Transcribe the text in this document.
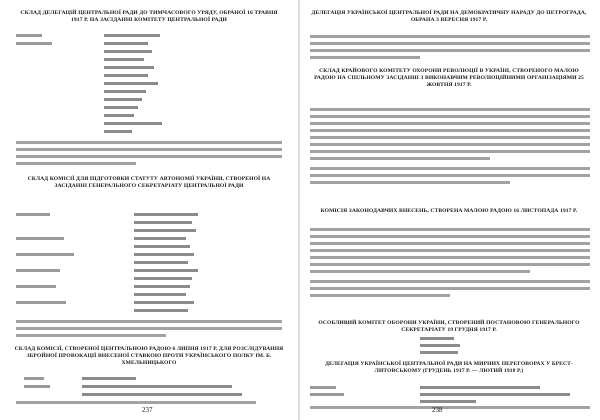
СКЛАД ДЕЛЕГАЦІЙ ЦЕНТРАЛЬНОЇ РАДИ ДО ТИМЧАСОВОГО УРЯДУ, ОБРАНОЇ 16 ТРАВНЯ 1917 Р. НА ЗАСІДАННІ КОМІТЕТУ ЦЕНТРАЛЬНОЇ РАДИ
СКЛАД КОМІСІЇ ДЛЯ ПІДГОТОВКИ СТАТУТУ АВТОНОМІЇ УКРАЇНИ, СТВОРЕНОЇ НА ЗАСІДАННІ ГЕНЕРАЛЬНОГО СЕКРЕТАРІАТУ ЦЕНТРАЛЬНОЇ РАДИ
СКЛАД КОМІСІЇ, СТВОРЕНОЇ ЦЕНТРАЛЬНОЮ РАДОЮ 6 ЛИПНЯ 1917 Р. ДЛЯ РОЗСЛІДУВАННЯ ЗБРОЙНОЇ ПРОВОКАЦІЇ ВНЕСЕНОЇ СТАВКОЮ ПРОТИ УКРАЇНСЬКОГО ПОЛКУ ІМ. Б. ХМЕЛЬНИЦЬКОГО
237
ДЕЛЕГАЦІЯ УКРАЇНСЬКОЇ ЦЕНТРАЛЬНОЇ РАДИ НА ДЕМОКРАТИЧНУ НАРАДУ ДО ПЕТРОГРАДА, ОБРАНА 3 ВЕРЕСНЯ 1917 Р.
СКЛАД КРАЙОВОГО КОМІТЕТУ ОХОРОНИ РЕВОЛЮЦІЇ В УКРАЇНІ, СТВОРЕНОГО МАЛОЮ РАДОЮ НА СПІЛЬНОМУ ЗАСІДАННІ З ВИКОНАВЧИМ РЕВОЛЮЦІЙНИМИ ОРГАНІЗАЦІЯМИ 25 ЖОВТНЯ 1917 Р.
КОМІСІЯ ЗАКОНОДАВЧИХ ВНЕСЕНЬ, СТВОРЕНА МАЛОЮ РАДОЮ 16 ЛИСТОПАДА 1917 Р.
ОСОБЛИВИЙ КОМІТЕТ ОБОРОНИ УКРАЇНИ, СТВОРЕНИЙ ПОСТАНОВОЮ ГЕНЕРАЛЬНОГО СЕКРЕТАРІАТУ 19 ГРУДНЯ 1917 Р.
ДЕЛЕГАЦІЯ УКРАЇНСЬКОЇ ЦЕНТРАЛЬНОЇ РАДИ НА МИРНИХ ПЕРЕГОВОРАХ У БРЕСТ-ЛИТОВСЬКОМУ (ГРУДЕНЬ 1917 Р. — ЛЮТИЙ 1918 Р.)
238
